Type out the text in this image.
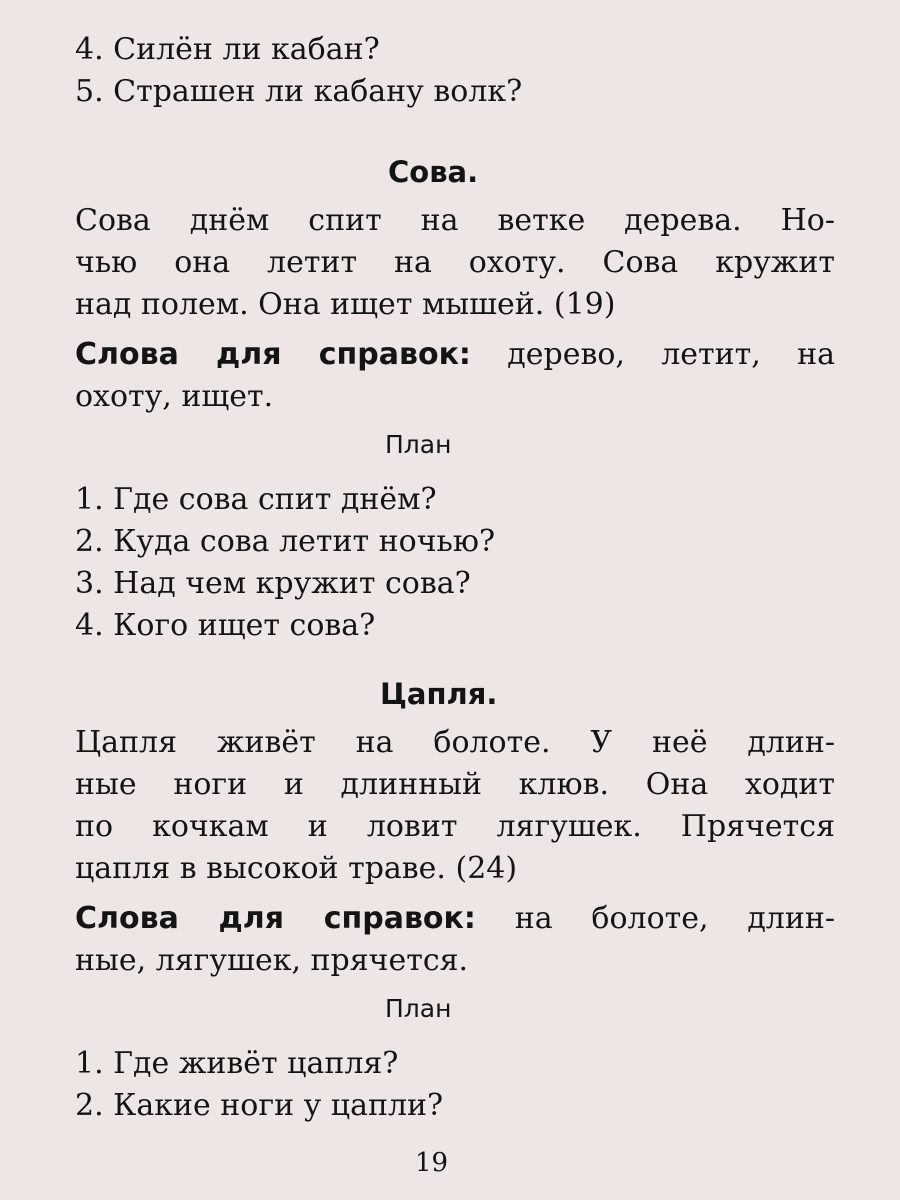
4. Силён ли кабан?
5. Страшен ли кабану волк?
Сова.
Сова днём спит на ветке дерева. Но-
чью она летит на охоту. Сова кружит
над полем. Она ищет мышей. (19)
Слова для справок: дерево, летит, на
охоту, ищет.
План
1. Где сова спит днём?
2. Куда сова летит ночью?
3. Над чем кружит сова?
4. Кого ищет сова?
Цапля.
Цапля живёт на болоте. У неё длин-
ные ноги и длинный клюв. Она ходит
по кочкам и ловит лягушек. Прячется
цапля в высокой траве. (24)
Слова для справок: на болоте, длин-
ные, лягушек, прячется.
План
1. Где живёт цапля?
2. Какие ноги у цапли?
19
